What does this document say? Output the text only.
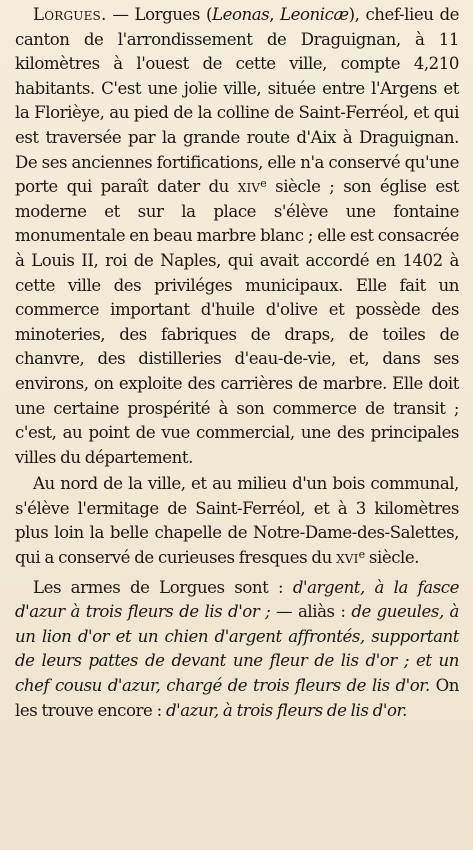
Lorgues. — Lorgues (Leonas, Leonicæ), chef-lieu de canton de l'arrondissement de Draguignan, à 11 kilomètres à l'ouest de cette ville, compte 4,210 habitants. C'est une jolie ville, située entre l'Argens et la Florièye, au pied de la colline de Saint-Ferréol, et qui est traversée par la grande route d'Aix à Draguignan. De ses anciennes fortifications, elle n'a conservé qu'une porte qui paraît dater du xiv$^e$ siècle ; son église est moderne et sur la place s'élève une fontaine monumentale en beau marbre blanc ; elle est consacrée à Louis II, roi de Naples, qui avait accordé en 1402 à cette ville des priviléges municipaux. Elle fait un commerce important d'huile d'olive et possède des minoteries, des fabriques de draps, de toiles de chanvre, des distilleries d'eau-de-vie, et, dans ses environs, on exploite des carrières de marbre. Elle doit une certaine prospérité à son commerce de transit ; c'est, au point de vue commercial, une des principales villes du département.

Au nord de la ville, et au milieu d'un bois communal, s'élève l'ermitage de Saint-Ferréol, et à 3 kilomètres plus loin la belle chapelle de Notre-Dame-des-Salettes, qui a conservé de curieuses fresques du xvi$^e$ siècle.

Les armes de Lorgues sont : d'argent, à la fasce d'azur à trois fleurs de lis d'or ; — aliàs : de gueules, à un lion d'or et un chien d'argent affrontés, supportant de leurs pattes de devant une fleur de lis d'or ; et un chef cousu d'azur, chargé de trois fleurs de lis d'or. On les trouve encore : d'azur, à trois fleurs de lis d'or.
